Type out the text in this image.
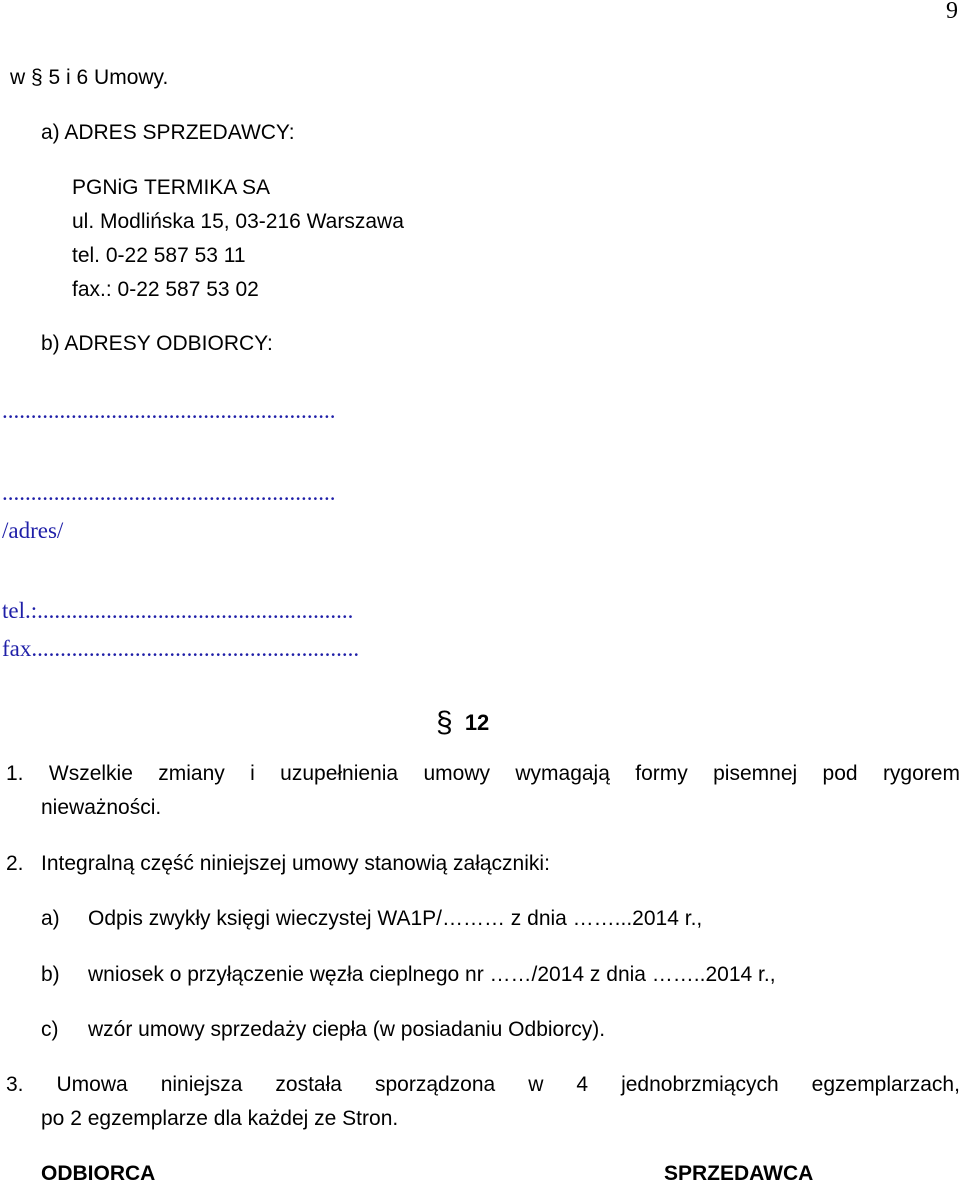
9
w § 5 i 6 Umowy.
a) ADRES SPRZEDAWCY:
PGNiG TERMIKA SA
ul. Modlińska 15, 03-216 Warszawa
tel. 0-22 587 53 11
fax.: 0-22 587 53 02
b) ADRESY ODBIORCY:
..........................................................
..........................................................
/adres/
tel.:.......................................................
fax.........................................................
§ 12
1. Wszelkie zmiany i uzupełnienia umowy wymagają formy pisemnej pod rygorem
nieważności.
2. Integralną część niniejszej umowy stanowią załączniki:
a) Odpis zwykły księgi wieczystej WA1P/……… z dnia ……...2014 r.,
b) wniosek o przyłączenie węzła cieplnego nr ……/2014 z dnia ……..2014 r.,
c) wzór umowy sprzedaży ciepła (w posiadaniu Odbiorcy).
3. Umowa niniejsza została sporządzona w 4 jednobrzmiących egzemplarzach,
po 2 egzemplarze dla każdej ze Stron.
ODBIORCA	SPRZEDAWCA
